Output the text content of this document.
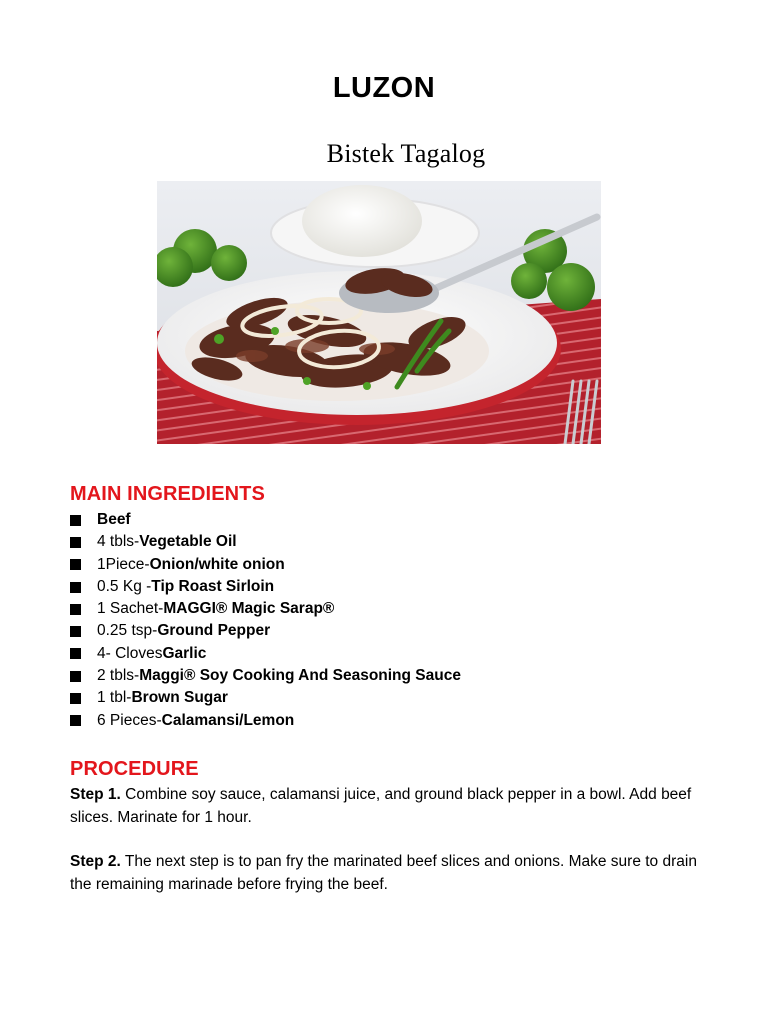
LUZON
Bistek Tagalog
MAIN INGREDIENTS
Beef
4 tbls- Vegetable Oil
1Piece- Onion/white onion
0.5 Kg - Tip Roast Sirloin
1 Sachet- MAGGI® Magic Sarap®
0.25 tsp- Ground Pepper
4- Cloves Garlic
2 tbls- Maggi® Soy Cooking And Seasoning Sauce
1 tbl- Brown Sugar
6 Pieces- Calamansi/Lemon
PROCEDURE
Step 1. Combine soy sauce, calamansi juice, and ground black pepper in a bowl. Add beef slices. Marinate for 1 hour.
Step 2. The next step is to pan fry the marinated beef slices and onions. Make sure to drain the remaining marinade before frying the beef.
